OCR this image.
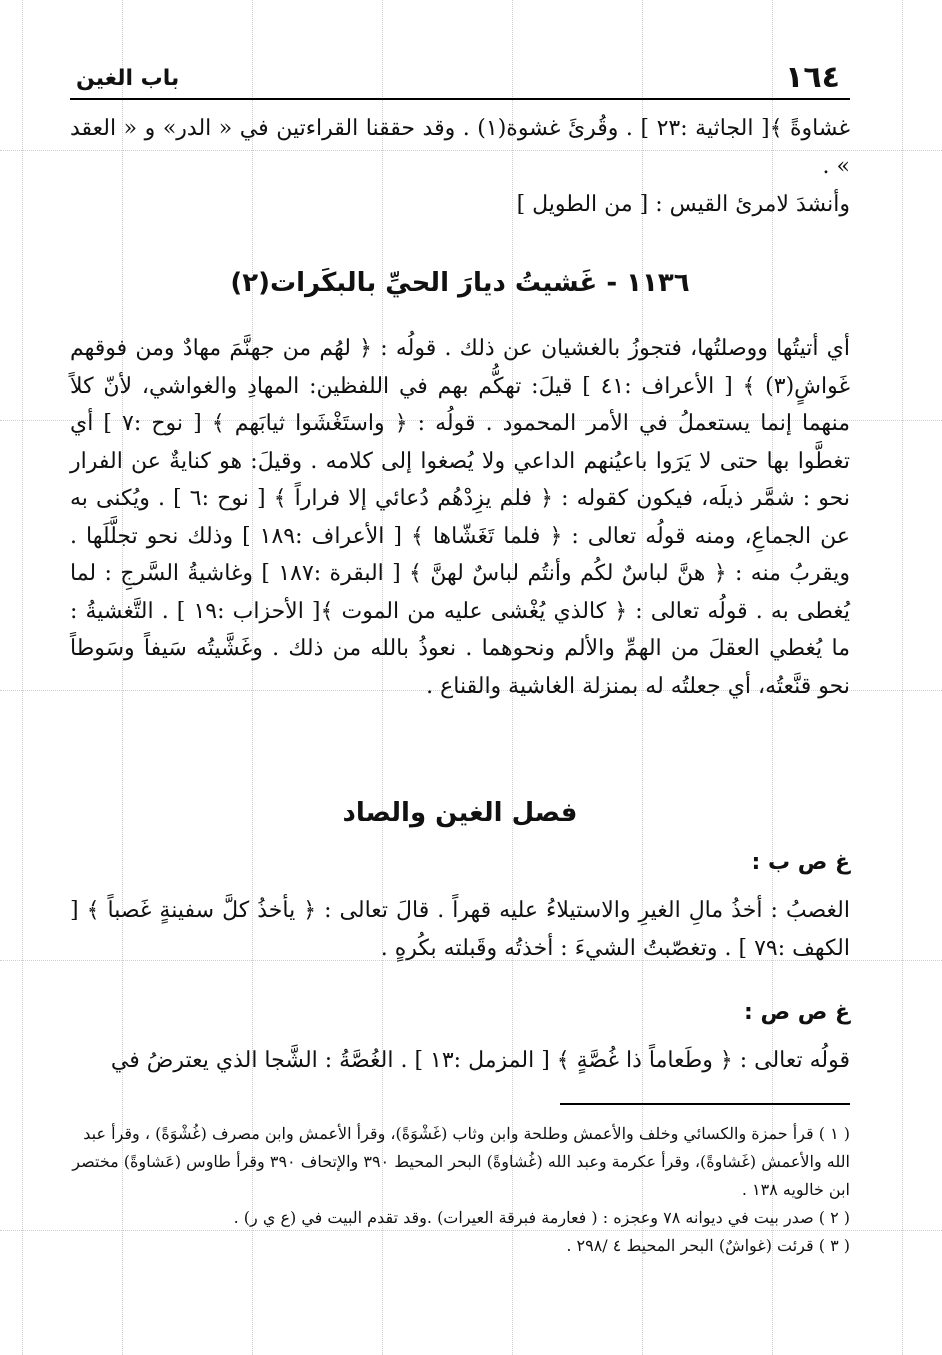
١٦٤
باب الغين

غشاوةً ﴾[ الجاثية :٢٣ ] . وقُرئَ غشوة(١) . وقد حققنا القراءتين في « الدر» و « العقد » .

وأنشدَ لامرئ القيس : [ من الطويل ]

١١٣٦ - غَشيتُ ديارَ الحيِّ بالبكَرات(٢)
أي أتيتُها ووصلتُها، فتجوزُ بالغشيان عن ذلك . قولُه : ﴿ لهُم من جهنَّمَ مهادٌ ومن فوقهم غَواشٍ(٣) ﴾ [ الأعراف :٤١ ] قيلَ: تهكُّم بهم في اللفظين: المهادِ والغواشي، لأنّ كلاً منهما إنما يستعملُ في الأمر المحمود . قولُه : ﴿ واستَغْشَوا ثيابَهم ﴾ [ نوح :٧ ] أي تغطَّوا بها حتى لا يَرَوا باعيُنهم الداعي ولا يُصغوا إلى كلامه . وقيلَ: هو كنايةٌ عن الفرار نحو : شمَّر ذيلَه، فيكون كقوله : ﴿ فلم يزِدْهُم دُعائي إلا فراراً ﴾ [ نوح :٦ ] . ويُكنى به عن الجماعِ، ومنه قولُه تعالى : ﴿ فلما تَغَشّاها ﴾ [ الأعراف :١٨٩ ] وذلك نحو تجلَّلَها . ويقربُ منه : ﴿ هنَّ لباسٌ لكُم وأنتُم لباسٌ لهنَّ ﴾ [ البقرة :١٨٧ ] وغاشيةُ السَّرجِ : لما يُغطى به . قولُه تعالى : ﴿ كالذي يُغْشى عليه من الموت ﴾[ الأحزاب :١٩ ] . التَّغشيةُ : ما يُغطي العقلَ من الهمِّ والألم ونحوهما . نعوذُ بالله من ذلك . وغَشَّيتُه سَيفاً وسَوطاً نحو قنَّعتُه، أي جعلتُه له بمنزلة الغاشية والقناع .
فصل الغين والصاد
غ ص ب :
الغصبُ : أخذُ مالِ الغيرِ والاستيلاءُ عليه قهراً . قالَ تعالى : ﴿ يأخذُ كلَّ سفينةٍ غَصباً ﴾ [ الكهف :٧٩ ] . وتغصّبتُ الشيءَ : أخذتُه وقَبلته بكُرهٍ .
غ ص ص :
قولُه تعالى : ﴿ وطَعاماً ذا غُصَّةٍ ﴾ [ المزمل :١٣ ] . الغُصَّةُ : الشَّجا الذي يعترضُ في
( ١ ) قرأ حمزة والكسائي وخلف والأعمش وطلحة وابن وثاب (غَشْوَةً)، وقرأ الأعمش وابن مصرف (غُشْوَةً) ، وقرأ عبد الله والأعمش (غَشاوةً)، وقرأ عكرمة وعبد الله (غُشاوةً) البحر المحيط ٣٩٠ والإتحاف ٣٩٠ وقرأ طاوس (عَشاوةً) مختصر ابن خالويه ١٣٨ .
( ٢ ) صدر بيت في ديوانه ٧٨ وعجزه : ( فعارمة فبرقة العيرات) .وقد تقدم البيت في (ع ي ر) .
( ٣ ) قرئت (غواشٌ) البحر المحيط ٤ /٢٩٨ .
